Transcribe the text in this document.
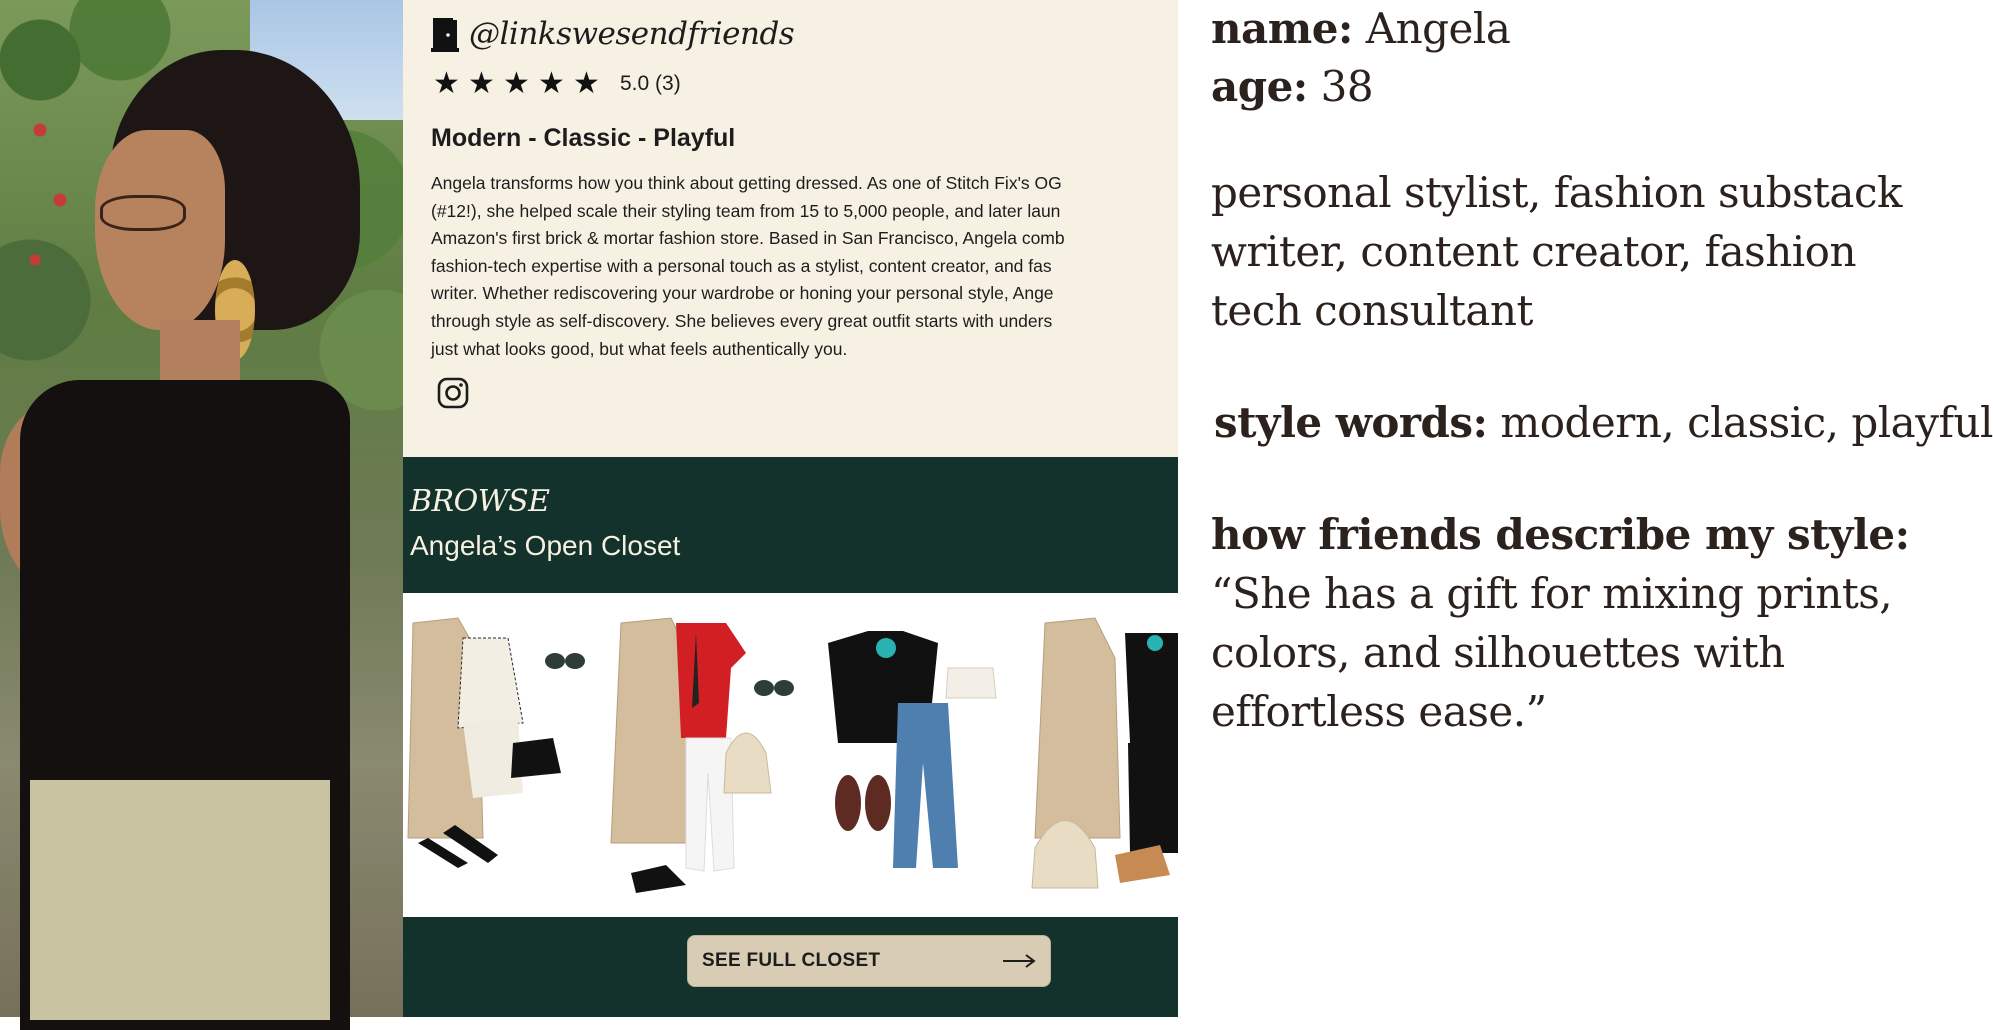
@linkswesendfriends
★ ★ ★ ★ ★ 5.0 (3)
Modern - Classic - Playful
Angela transforms how you think about getting dressed. As one of Stitch Fix's OG
(#12!), she helped scale their styling team from 15 to 5,000 people, and later laun
Amazon's first brick & mortar fashion store. Based in San Francisco, Angela comb
fashion-tech expertise with a personal touch as a stylist, content creator, and fas
writer. Whether rediscovering your wardrobe or honing your personal style, Ange
through style as self-discovery. She believes every great outfit starts with unders
just what looks good, but what feels authentically you.
BROWSE
Angela’s Open Closet
SEE FULL CLOSET
name: Angela
age: 38
personal stylist, fashion substack
writer, content creator, fashion
tech consultant
style words: modern, classic, playful
how friends describe my style:
“She has a gift for mixing prints,
colors, and silhouettes with
effortless ease.”
